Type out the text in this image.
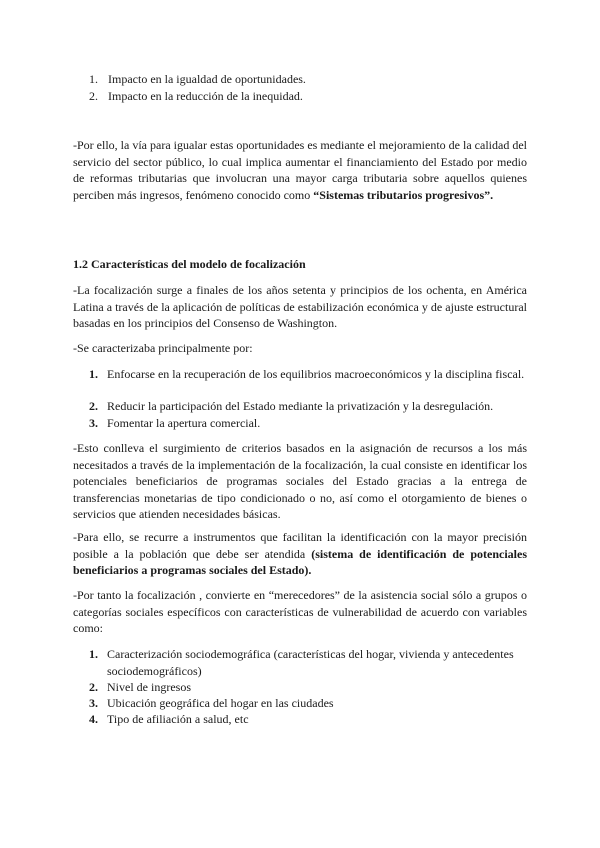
1. Impacto en la igualdad de oportunidades.
2. Impacto en la reducción de la inequidad.
-Por ello, la vía para igualar estas oportunidades es mediante el mejoramiento de la calidad del servicio del sector público, lo cual implica aumentar el financiamiento del Estado por medio de reformas tributarias que involucran una mayor carga tributaria sobre aquellos quienes perciben más ingresos, fenómeno conocido como “Sistemas tributarios progresivos”.
1.2 Características del modelo de focalización
-La focalización surge a finales de los años setenta y principios de los ochenta, en América Latina a través de la aplicación de políticas de estabilización económica y de ajuste estructural basadas en los principios del Consenso de Washington.
-Se caracterizaba principalmente por:
1. Enfocarse en la recuperación de los equilibrios macroeconómicos y la disciplina fiscal.
2. Reducir la participación del Estado mediante la privatización y la desregulación.
3. Fomentar la apertura comercial.
-Esto conlleva el surgimiento de criterios basados en la asignación de recursos a los más necesitados a través de la implementación de la focalización, la cual consiste en identificar los potenciales beneficiarios de programas sociales del Estado gracias a la entrega de transferencias monetarias de tipo condicionado o no, así como el otorgamiento de bienes o servicios que atienden necesidades básicas.
-Para ello, se recurre a instrumentos que facilitan la identificación con la mayor precisión posible a la población que debe ser atendida (sistema de identificación de potenciales beneficiarios a programas sociales del Estado).
-Por tanto la focalización , convierte en “merecedores” de la asistencia social sólo a grupos o categorías sociales específicos con características de vulnerabilidad de acuerdo con variables como:
1. Caracterización sociodemográfica (características del hogar, vivienda y antecedentes sociodemográficos)
2. Nivel de ingresos
3. Ubicación geográfica del hogar en las ciudades
4. Tipo de afiliación a salud, etc
